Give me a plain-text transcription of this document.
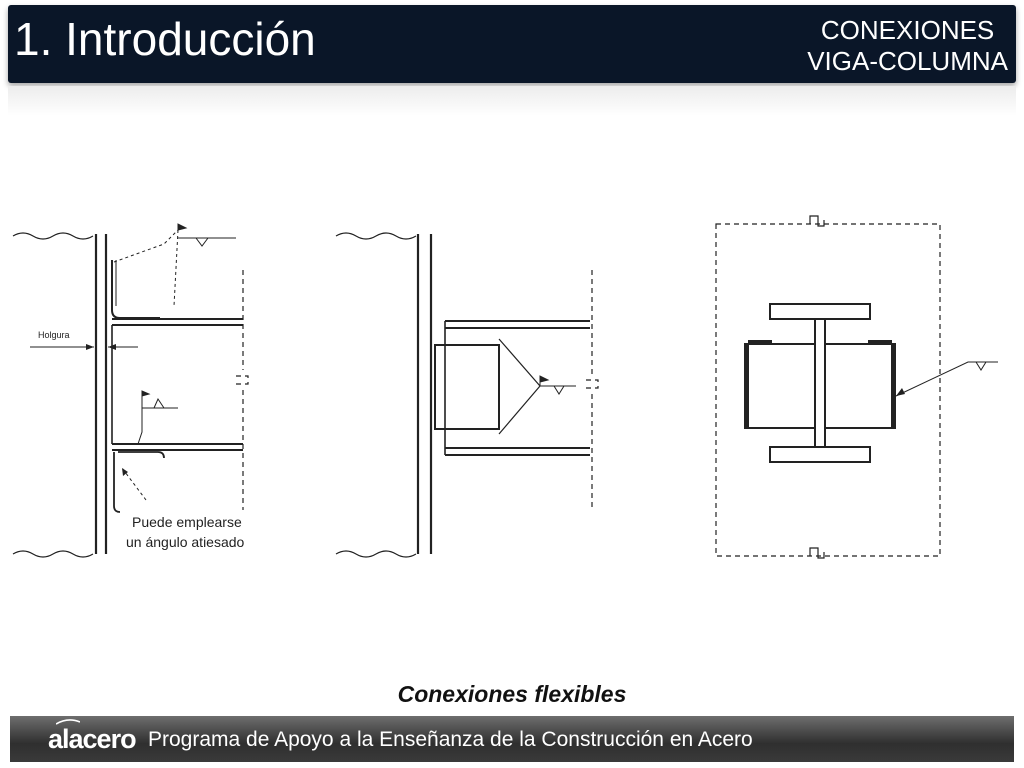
1. Introducción	CONEXIONES
VIGA-COLUMNA
Holgura
Puede emplearse
un ángulo atiesado
Conexiones flexibles
alacero Programa de Apoyo a la Enseñanza de la Construcción en Acero
